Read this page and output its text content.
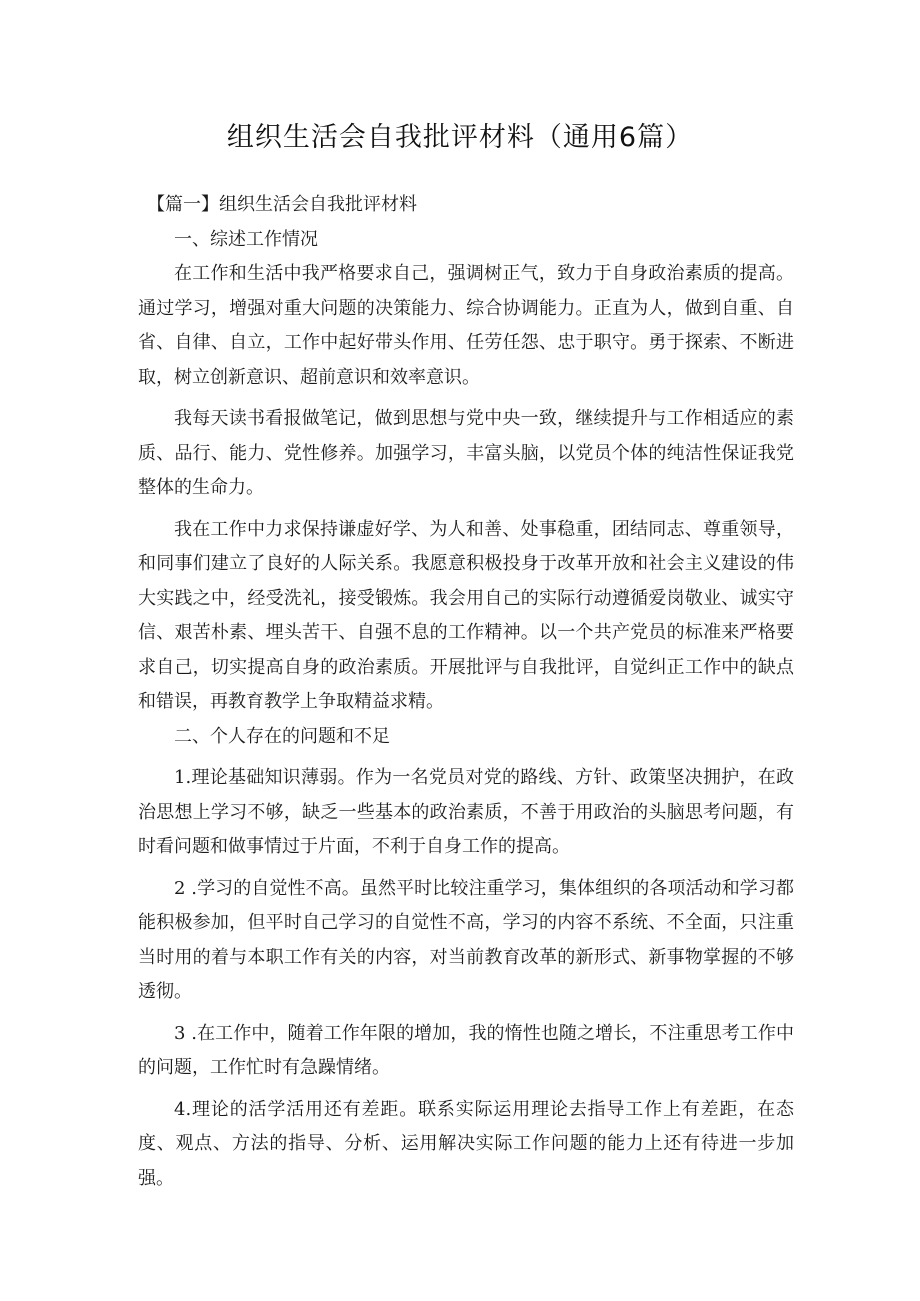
组织生活会自我批评材料（通用6篇）

【篇一】组织生活会自我批评材料

一、综述工作情况

在工作和生活中我严格要求自己，强调树正气，致力于自身政治素质的提高。通过学习，增强对重大问题的决策能力、综合协调能力。正直为人，做到自重、自省、自律、自立，工作中起好带头作用、任劳任怨、忠于职守。勇于探索、不断进取，树立创新意识、超前意识和效率意识。

我每天读书看报做笔记，做到思想与党中央一致，继续提升与工作相适应的素质、品行、能力、党性修养。加强学习，丰富头脑，以党员个体的纯洁性保证我党整体的生命力。

我在工作中力求保持谦虚好学、为人和善、处事稳重，团结同志、尊重领导，和同事们建立了良好的人际关系。我愿意积极投身于改革开放和社会主义建设的伟大实践之中，经受洗礼，接受锻炼。我会用自己的实际行动遵循爱岗敬业、诚实守信、艰苦朴素、埋头苦干、自强不息的工作精神。以一个共产党员的标准来严格要求自己，切实提高自身的政治素质。开展批评与自我批评，自觉纠正工作中的缺点和错误，再教育教学上争取精益求精。

二、个人存在的问题和不足

1.理论基础知识薄弱。作为一名党员对党的路线、方针、政策坚决拥护，在政治思想上学习不够，缺乏一些基本的政治素质，不善于用政治的头脑思考问题，有时看问题和做事情过于片面，不利于自身工作的提高。

2 .学习的自觉性不高。虽然平时比较注重学习，集体组织的各项活动和学习都能积极参加，但平时自己学习的自觉性不高，学习的内容不系统、不全面，只注重当时用的着与本职工作有关的内容，对当前教育改革的新形式、新事物掌握的不够透彻。

3 .在工作中，随着工作年限的增加，我的惰性也随之增长，不注重思考工作中的问题，工作忙时有急躁情绪。

4.理论的活学活用还有差距。联系实际运用理论去指导工作上有差距，在态度、观点、方法的指导、分析、运用解决实际工作问题的能力上还有待进一步加强。
